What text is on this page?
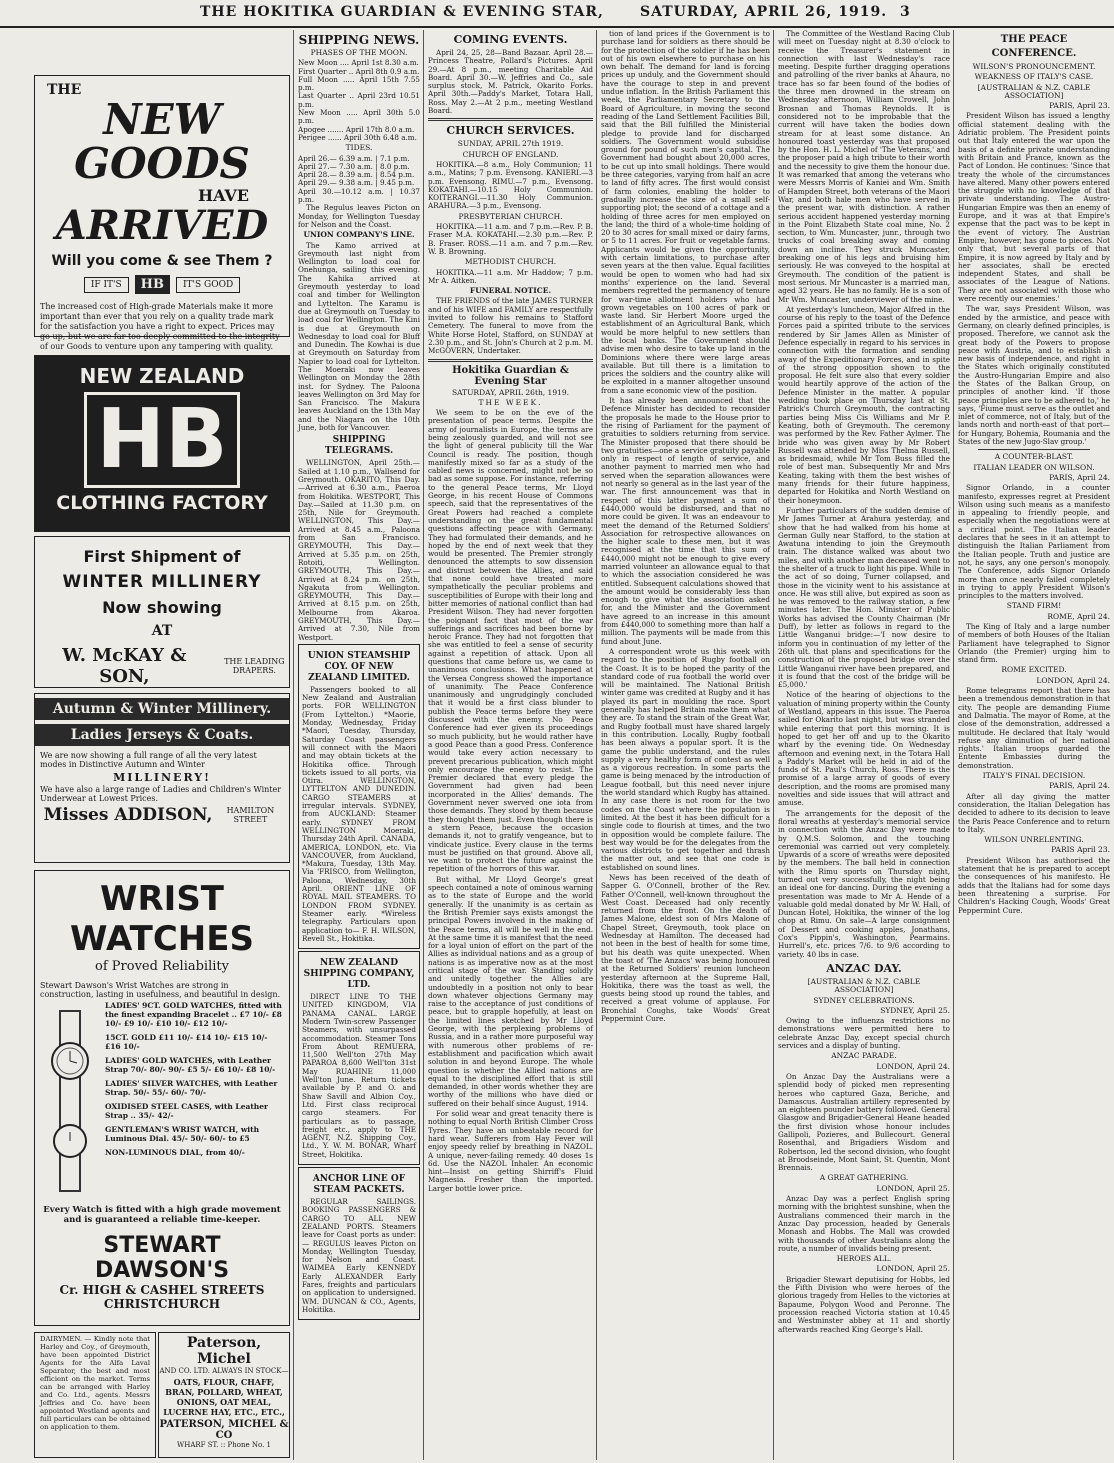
THE HOKITIKA GUARDIAN & EVENING STAR,	SATURDAY, APRIL 26, 1919. 3
THE
NEW GOODS
HAVE
ARRIVED
Will you come & see Them ?
IF IT'S	HB	IT'S GOOD
The increased cost of High-grade Materials make it more important than ever that you rely on a quality trade mark for the satisfaction you have a right to expect. Prices may go up, but we are far too deeply committed to the integrity of our Goods to venture upon any tampering with quality.
NEW ZEALAND
HB
CLOTHING FACTORY
First Shipment of
WINTER MILLINERY
Now showing
AT
W. McKAY & SON,
THE LEADING DRAPERS.
Autumn & Winter Millinery.
Ladies Jerseys & Coats.
We are now showing a full range of all the very latest modes in Distinctive Autumn and Winter
MILLINERY!
We have also a large range of Ladies and Children's Winter Underwear at Lowest Prices.
Misses ADDISON,	HAMILTON STREET
WRIST WATCHES
of Proved Reliability
Stewart Dawson's Wrist Watches are strong in construction, lasting in usefulness, and beautiful in design.
LADIES' 9CT. GOLD WATCHES, fitted with the finest expanding Bracelet .. £7 10/- £8 10/- £9 10/- £10 10/- £12 10/-
15CT. GOLD £11 10/- £14 10/- £15 10/- £16 10/-
LADIES' GOLD WATCHES, with Leather Strap 70/- 80/- 90/- £5 5/- £6 10/- £8 10/-
LADIES' SILVER WATCHES, with Leather Strap. 50/- 55/- 60/- 70/-
OXIDISED STEEL CASES, with Leather Strap .. 35/- 42/-
GENTLEMAN'S WRIST WATCH, with Luminous Dial. 45/- 50/- 60/- to £5
NON-LUMINOUS DIAL, from 40/-
Every Watch is fitted with a high grade movement and is guaranteed a reliable time-keeper.
STEWART DAWSON'S
Cr. HIGH & CASHEL STREETS
CHRISTCHURCH
DAIRYMEN. — Kindly note that Harley and Coy., of Greymouth, have been appointed District Agents for the Alfa Laval Separator, the best and most efficient on the market. Terms can be arranged with Harley and Co. Ltd., agents. Messrs Jeffries and Co. have been appointed Westland agents and full particulars can be obtained on application to them.
Paterson, Michel
AND CO. LTD. ALWAYS IN STOCK—
OATS, FLOUR, CHAFF, BRAN, POLLARD, WHEAT, ONIONS, OAT MEAL, LUCERNE HAY, ETC., ETC.,
PATERSON, MICHEL & CO
WHARF ST. :: Phone No. 1
SHIPPING NEWS.
PHASES OF THE MOON.
New Moon .... April 1st 8.30 a.m.
First Quarter .. April 8th 0.9 a.m.
Full Moon ..... April 15th 7.55 p.m.
Last Quarter .. April 23rd 10.51 p.m.
New Moon ..... April 30th 5.0 p.m.
Apogee ....... April 17th 8.0 a.m.
Perigee ...... April 30th 6.48 a.m.
TIDES.
April 26.— 6.39 a.m. | 7.1 p.m.
April 27.— 7.30 a.m. | 8.0 p.m.
April 28.— 8.39 a.m. | 8.54 p.m.
April 29.— 9.38 a.m. | 9.45 p.m.
April 30.—10.12 a.m. | 10.37 p.m.

The Regulus leaves Picton on Monday, for Wellington Tuesday for Nelson and the Coast.

UNION COMPANY'S LINE.

The Kamo arrived at Greymouth last night from Wellington to load coal for Onehunga, sailing this evening. The Kahika arrived at Greymouth yesterday to load coal and timber for Wellington and Lyttelton. The Karamu is due at Greymouth on Tuesday to load coal for Wellington. The Kini is due at Greymouth on Wednesday to load coal for Bluff and Dunedin. The Kowhai is due at Greymouth on Saturday from Napier to load coal for Lyttelton. The Moeraki now leaves Wellington on Monday the 28th inst. for Sydney. The Paloona leaves Wellington on 3rd May for San Francisco. The Makura leaves Auckland on the 13th May and the Niagara on the 10th June, both for Vancouver.

SHIPPING TELEGRAMS.

WELLINGTON, April 25th.—Sailed at 1.10 p.m., Wallsend for Greymouth. OKARITO, This Day.—Arrived at 6.30 a.m., Paeroa from Hokitika. WESTPORT, This Day.—Sailed at 11.30 p.m. on 25th, Nile for Greymouth. WELLINGTON, This Day.—Arrived at 8.45 a.m., Paloona from San Francisco. GREYMOUTH, This Day.—Arrived at 5.35 p.m. on 25th, Rotoiti, Wellington. GREYMOUTH, This Day.—Arrived at 8.24 p.m. on 25th, Ngakuta from Wellington. GREYMOUTH, This Day.—Arrived at 8.15 p.m. on 25th, Melbourne from Akaroa. GREYMOUTH, This Day.—Arrived at 7.30, Nile from Westport.

UNION STEAMSHIP COY. OF NEW ZEALAND LIMITED.

Passengers booked to all New Zealand and Australian ports. FOR WELLINGTON (From Lyttelton.) *Maorie, Monday, Wednesday, Friday *Maori, Tuesday, Thursday, Saturday Coast passengers will connect with the Maori and may obtain tickets at the Hokitika office. Through tickets issued to all ports, via Otira. WELLINGTON, LYTTELTON AND DUNEDIN. CARGO STEAMERS at irregular intervals. SYDNEY, from AUCKLAND: Steamer early. SYDNEY FROM WELLINGTON Moeraki, Thursday 24th April. CANADA, AMERICA, LONDON, etc. Via VANCOUVER, from Auckland, *Makura, Tuesday, 13th May. Via 'FRISCO, from Wellington, Paloona, Wednesday, 30th April. ORIENT LINE OF ROYAL MAIL STEAMERS. TO LONDON FROM SYDNEY. Steamer early. *Wireless telegraphy. Particulars upon application to— F. H. WILSON, Revell St., Hokitika.

NEW ZEALAND SHIPPING COMPANY, LTD.

DIRECT LINE TO THE UNITED KINGDOM, VIA PANAMA CANAL. LARGE Modern Twin-screw Passenger Steamers, with unsurpassed accommodation. Steamer Tons From About REMUERA, 11,500 Well'ton 27th May PAPAROA 8,600 Well'ton 31st May RUAHINE 11,000 Well'ton June. Return tickets available by P. and O. and Shaw Savill and Albion Coy., Ltd. First class reciprocal cargo steamers. For particulars as to passage, freight etc., apply to THE AGENT, N.Z. Shipping Coy., Ltd., Y. W. M. BONAR, Wharf Street, Hokitika.

ANCHOR LINE OF STEAM PACKETS.

REGULAR SAILINGS. BOOKING PASSENGERS & CARGO TO ALL NEW ZEALAND PORTS. Steamers leave for Coast ports as under:— REGULUS leaves Picton on Monday, Wellington Tuesday, for Nelson and Coast. WAIMEA Early KENNEDY Early ALEXANDER Early Fares, freights and particulars on application to undersigned. WM. DUNCAN & CO., Agents, Hokitika.

COMING EVENTS.

April 24, 25, 28—Band Bazaar. April 28.—Princess Theatre, Pollard's Pictures. April 29.—At 8 p.m., meeting Charitable Aid Board. April 30.—W. Jeffries and Co., sale surplus stock, M. Patrick, Okarito Forks. April 30th.—Paddy's Market, Totara Hall, Ross. May 2.—At 2 p.m., meeting Westland Board.

CHURCH SERVICES.
SUNDAY, APRIL 27th 1919.
CHURCH OF ENGLAND.

HOKITIKA.—8 a.m., Holy Communion; 11 a.m., Matins; 7 p.m. Evensong. KANIERI.—3 p.m. Evensong. RIMU.—7 p.m., Evensong. KOKATAHI.—10.15 Holy Communion. KOITERANGI.—11.30 Holy Communion. ARAHURA.—3 p.m., Evensong.

PRESBYTERIAN CHURCH.

HOKITIKA.—11 a.m. and 7 p.m.—Rev. P. B. Fraser M.A. KOKATAHI.—2.30 p.m.—Rev. P. B. Fraser. ROSS.—11 a.m. and 7 p.m.—Rev. W. B. Browning.

METHODIST CHURCH.

HOKITIKA.—11 a.m. Mr Haddow; 7 p.m. Mr A. Aitken.

FUNERAL NOTICE.

THE FRIENDS of the late JAMES TURNER and of his WIFE and FAMILY are respectfully invited to follow his remains to Stafford Cemetery. The funeral to move from the White Horse Hotel, Stafford, on SUNDAY at 2.30 p.m., and St. John's Church at 2 p.m. M. McGOVERN, Undertaker.

Hokitika Guardian & Evening Star
SATURDAY, APRIL 26th, 1919.
THE WEEK.

We seem to be on the eve of the presentation of peace terms. Despite the army of journalists in Europe, the terms are being zealously guarded, and will not see the light of general publicity till the War Council is ready. The position, though manifestly mixed so far as a study of the cabled news is concerned, might not be so bad as some suppose. For instance, referring to the general Peace terms, Mr Lloyd George, in his recent House of Commons speech, said that the representatives of the Great Powers had reached a complete understanding on the great fundamental questions affecting peace with Germany. They had formulated their demands, and he hoped by the end of next week that they would be presented. The Premier strongly denounced the attempts to sow dissension and distrust between the Allies, and said that none could have treated more sympathetically the peculiar problems and susceptibilities of Europe with their long and bitter memories of national conflict than had President Wilson. They had never forgotten the poignant fact that most of the war sufferings and sacrifices had been borne by heroic France. They had not forgotten that she was entitled to feel a sense of security against a repetition of attack. Upon all questions that came before us, we came to unanimous conclusions. What happened at the Versea Congress showed the importance of unanimity. The Peace Conference unanimously and ungrudgingly concluded that it would be a first class blunder to publish the Peace terms before they were discussed with the enemy. No Peace Conference had ever given its proceedings so much publicity, but he would rather have a good Peace than a good Press. Conference would take every action necessary to prevent precarious publication, which might only encourage the enemy to resist. The Premier declared that every pledge the Government had given had been incorporated in the Allies' demands. The Government never swerved one iota from those demands. They stood by them because they thought them just. Even though there is a stern Peace, because the occasion demands it, not to gratify vengeance, but to vindicate justice. Every clause in the terms must be justified on that ground. Above all, we want to protect the future against the repetition of the horrors of this war.

But withal, Mr Lloyd George's great speech contained a note of ominous warning as to the state of Europe and the world generally. If the unanimity is as certain as the British Premier says exists amongst the principal Powers involved in the making of the Peace terms, all will be well in the end. At the same time it is manifest that the need for a loyal union of effort on the part of the Allies as individual nations and as a group of nations is as imperative now as at the most critical stage of the war. Standing solidly and unitedly together the Allies are undoubtedly in a position not only to bear down whatever objections Germany may raise to the acceptance of just conditions of peace, but to grapple hopefully, at least on the limited lines sketched by Mr Lloyd George, with the perplexing problems of Russia, and in a rather more purposeful way with numerous other problems of re-establishment and pacification which await solution in and beyond Europe. The whole question is whether the Allied nations are equal to the disciplined effort that is still demanded, in other words whether they are worthy of the millions who have died or suffered on their behalf since August, 1914.

For solid wear and great tenacity there is nothing to equal North British Climber Cross Tyres. They have an unbeatable record for hard wear. Sufferers from Hay Fever will enjoy speedy relief by breathing in NAZOL. A unique, never-failing remedy. 40 doses 1s 6d. Use the NAZOL Inhaler. An economic hint—Insist on getting Shirriff's Fluid Magnesia. Fresher than the imported. Larger bottle lower price.

tion of land prices if the Government is to purchase land for soldiers as there should be for the protection of the soldier if he has been out of his own elsewhere to purchase on his own behalf. The demand for land is forcing prices up unduly, and the Government should have the courage to step in and prevent undue inflation. In the British Parliament this week, the Parliamentary Secretary to the Board of Agriculture, in moving the second reading of the Land Settlement Facilities Bill, said that the Bill fulfilled the Ministerial pledge to provide land for discharged soldiers. The Government would subsidise ground for pound of such men's capital. The Government had bought about 20,000 acres, to be cut up into small holdings. There would be three categories, varying from half an acre to land of fifty acres. The first would consist of farm colonies, enabling the holder to gradually increase the size of a small self-supporting plot; the second of a cottage and a holding of three acres for men employed on the land; the third of a whole-time holding of 20 to 30 acres for small mixed or dairy farms, or 5 to 11 acres. For fruit or vegetable farms. Applicants would be given the opportunity, with certain limitations, to purchase after seven years at the then value. Equal facilities would be open to women who had had six months' experience on the land. Several members regretted the permanency of tenure for war-time allotment holders who had grown vegetables on 100 acres of park or waste land. Sir Herbert Moore urged the establishment of an Agricultural Bank, which would be more helpful to new settlers than the local banks. The Government should advise men who desire to take up land in the Dominions where there were large areas available. But till there is a limitation to prices the soldiers and the country alike will be exploited in a manner altogether unsound from a sane economic view of the position.

It has already been announced that the Defence Minister has decided to reconsider the proposals he made to the House prior to the rising of Parliament for the payment of gratuities to soldiers returning from service. The Minister proposed that there should be two gratuities—one a service gratuity payable only in respect of length of service, and another payment to married men who had served when the separation allowances were not nearly so general as in the last year of the war. The first announcement was that in respect of this latter payment a sum of £440,000 would be disbursed, and that no more could be given. It was an endeavour to meet the demand of the Returned Soldiers' Association for retrospective allowances on the higher scale to these men, but it was recognised at the time that this sum of £440,000 might not be enough to give every married volunteer an allowance equal to that to which the association considered he was entitled. Subsequent calculations showed that the amount would be considerably less than enough to give what the association asked for, and the Minister and the Government have agreed to an increase in this amount from £440,000 to something more than half a million. The payments will be made from this fund about June.

A correspondent wrote us this week with regard to the position of Rugby football on the Coast. It is to be hoped the parity of the standard code of rua football the world over will be maintained. The National British winter game was credited at Rugby and it has played its part in moulding the race. Sport generally has helped Britain make them what they are. To stand the strain of the Great War, and Rugby football must have shared largely in this contribution. Locally, Rugby football has been always a popular sport. It is the game the public understand, and the rules supply a very healthy form of contest as well as a vigorous recreation. In some parts the game is being menaced by the introduction of League football, but this need never injure the world standard which Rugby has attained. In any case there is not room for the two codes on the Coast where the population is limited. At the best it has been difficult for a single code to flourish at times, and the two in opposition would be complete failure. The best way would be for the delegates from the various districts to get together and thrash the matter out, and see that one code is established on sound lines.

News has been received of the death of Sapper G. O'Connell, brother of the Rev. Father O'Connell, well-known throughout the West Coast. Deceased had only recently returned from the front. On the death of James Malone, eldest son of Mrs Malone of Chapel Street, Greymouth, took place on Wednesday at Hamilton. The deceased had not been in the best of health for some time, but his death was quite unexpected. When the toast of 'The Anzacs' was being honoured at the Returned Soldiers' reunion luncheon yesterday afternoon at the Supreme Hall, Hokitika, there was the toast as well, the guests being stood up round the tables, and received a great volume of applause. For Bronchial Coughs, take Woods' Great Peppermint Cure.

The Committee of the Westland Racing Club will meet on Tuesday night at 8.30 o'clock to receive the Treasurer's statement in connection with last Wednesday's race meeting. Despite further dragging operations and patrolling of the river banks at Ahaura, no trace has so far been found of the bodies of the three men drowned in the stream on Wednesday afternoon, William Crowell, John Brosnan and Thomas Reynolds. It is considered not to be improbable that the current will have taken the bodies down stream for at least some distance. An honoured toast yesterday was that proposed by the Hon. H. L. Michel of 'The Veterans,' and the proposer paid a high tribute to their worth and the necessity to give them the honour due. It was remarked that among the veterans who were Messrs Morris of Kaniei and Wm. Smith of Hampden Street, both veterans of the Maori War, and both hale men who have served in the present war, with distinction. A rather serious accident happened yesterday morning in the Point Elizabeth State coal mine, No. 2 section, to Wm. Muncaster, junr., through two trucks of coal breaking away and coming down an incline. They struck Muncaster, breaking one of his legs and bruising him seriously. He was conveyed to the hospital at Greymouth. The condition of the patient is most serious. Mr Muncaster is a married man, aged 32 years. He has no family. He is a son of Mr Wm. Muncaster, underviewer of the mine.

At yesterday's luncheon, Major Alfred in the course of his reply to the toast of the Defence Forces paid a spirited tribute to the services rendered by Sir James Allen as Minister of Defence especially in regard to his services in connection with the formation and sending away of the Expeditionary Forces, and in spite of the strong opposition shown to the proposal. He felt sure also that every soldier would heartily approve of the action of the Defence Minister in the matter. A popular wedding took place on Thursday last at St. Patrick's Church Greymouth, the contracting parties being Miss Cis Williams and Mr P. Keating, both of Greymouth. The ceremony was performed by the Rev. Father Aylmer. The bride who was given away by Mr Robert Russell was attended by Miss Thelma Russell, as bridesmaid, while Mr Tom Buss filled the role of best man. Subsequently Mr and Mrs Keating, taking with them the best wishes of many friends for their future happiness, departed for Hokitika and North Westland on their honeymoon.

Further particulars of the sudden demise of Mr James Turner at Arahura yesterday, and show that he had walked from his home at German Gully near Stafford, to the station at Awatuna intending to join the Greymouth train. The distance walked was about two miles, and with another man deceased went to the shelter of a truck to light his pipe. While in the act of so doing, Turner collapsed, and those in the vicinity went to his assistance at once. He was still alive, but expired as soon as he was removed to the railway station, a few minutes later. The Hon. Minister of Public Works has advised the County Chairman (Mr Duff), by letter as follows in regard to the Little Wanganui bridge:—'I now desire to inform you in continuation of my letter of the 26th ult. that plans and specifications for the construction of the proposed bridge over the Little Wanganui river have been prepared, and it is found that the cost of the bridge will be £5,000.'

Notice of the hearing of objections to the valuation of mining property within the County of Westland, appears in this issue. The Paeroa sailed for Okarito last night, but was stranded while entering that port this morning. It is hoped to get her off and up to the Okarito wharf by the evening tide. On Wednesday afternoon and evening next, in the Totara Hall a Paddy's Market will be held in aid of the funds of St. Paul's Church, Ross. There is the promise of a large array of goods of every description, and the rooms are promised many novelties and side issues that will attract and amuse.

The arrangements for the deposit of the floral wreaths at yesterday's memorial service in connection with the Anzac Day were made by Q.M.S. Solomon, and the touching ceremonial was carried out very completely. Upwards of a score of wreaths were deposited by the members. The ball held in connection with the Rimu sports on Thursday night, turned out very successfully, the night being an ideal one for dancing. During the evening a presentation was made to Mr A. Hende of a valuable gold medal donated by Mr W. Hall, of Duncan Hotel, Hokitika, the winner of the log chop at Rimu. On sale—A large consignment of Dessert and cooking apples, Jonathans, Cox's Pippin's, Washington, Pearmains. Hurrell's, etc. prices 7/6. to 9/6 according to variety. 40 lbs in case.

ANZAC DAY.
[AUSTRALIAN & N.Z. CABLE ASSOCIATION]
SYDNEY CELEBRATIONS.
SYDNEY, April 25.

Owing to the influenza restrictions no demonstrations were permitted here to celebrate Anzac Day, except special church services and a display of bunting.

ANZAC PARADE.
LONDON, April 24.

On Anzac Day the Australians were a splendid body of picked men representing heroes who captured Gaza, Beriche, and Damascus. Australian artillery represented by an eighteen pounder battery followed. General Glasgow and Brigadier-General Heane headed the first division whose honour includes Gallipoli, Pozieres, and Bullecourt. General Rosenthal, and Brigadiers Wisdom and Robertson, led the second division, who fought at Broodseinde, Mont Saint, St. Quentin, Mont Brennais.

A GREAT GATHERING.
LONDON, April 25.

Anzac Day was a perfect English spring morning with the brightest sunshine, when the Australians commenced their march in the Anzac Day procession, headed by Generals Monash and Hobbs. The Mall was crowded with thousands of other Australians along the route, a number of invalids being present.

HEROES ALL.
LONDON, April 25.

Brigadier Stewart deputising for Hobbs, led the Fifth Division who were heroes of the glorious tragedy from Helles to the victories at Bapaume, Polygon Wood and Peronne. The procession reached Victoria station at 10.45 and Westminster abbey at 11 and shortly afterwards reached King George's Hall.

THE PEACE CONFERENCE.
WILSON'S PRONOUNCEMENT.
WEAKNESS OF ITALY'S CASE.
[AUSTRALIAN & N.Z. CABLE ASSOCIATION]
PARIS, April 23.

President Wilson has issued a lengthy official statement dealing with the Adriatic problem. The President points out that Italy entered the war upon the basis of a definite private understanding with Britain and France, known as the Pact of London. He continues: 'Since that treaty the whole of the circumstances have altered. Many other powers entered the struggle with no knowledge of that private understanding. The Austro-Hungarian Empire was then an enemy of Europe, and it was at that Empire's expense that the pact was to be kept in the event of victory. The Austrian Empire, however, has gone to pieces. Not only that, but several parts of that Empire, it is now agreed by Italy and by her associates, shall be erected independent States, and shall be associates of the League of Nations. They are not associated with those who were recently our enemies.'

The war, says President Wilson, was ended by the armistice, and peace with Germany, on clearly defined principles, is proposed. Therefore, we cannot ask the great body of the Powers to propose peace with Austria, and to establish a new basis of independence, and right in the States which originally constituted the Austro-Hungarian Empire and also the States of the Balkan Group, on principles of another kind. 'If those peace principles are to be adhered to,' he says, 'Fiume must serve as the outlet and inlet of commerce, not of Italy, but of the lands north and north-east of that port—for Hungary, Bohemia, Roumania and the States of the new Jugo-Slav group.'

A COUNTER-BLAST.
ITALIAN LEADER ON WILSON.
PARIS, April 24.

Signor Orlando, in a counter manifesto, expresses regret at President Wilson using such means as a manifesto in appealing to friendly people, and especially when the negotiations were at a critical point. The Italian leader declares that he sees in it an attempt to distinguish the Italian Parliament from the Italian people. Truth and justice are not, he says, any one person's monopoly. The Conference, adds Signor Orlando more than once nearly failed completely in trying to apply President Wilson's principles to the matters involved.

STAND FIRM!
ROME, April 24.

The King of Italy and a large number of members of both Houses of the Italian Parliament have telegraphed to Signor Orlando (the Premier) urging him to stand firm.

ROME EXCITED.
LONDON, April 24.

Rome telegrams report that there has been a tremendous demonstration in that city. The people are demanding Fiume and Dalmatia. The mayor of Rome, at the close of the demonstration, addressed a multitude. He declared that Italy 'would refuse any diminution of her national rights.' Italian troops guarded the Entente Embassies during the demonstration.

ITALY'S FINAL DECISION.
PARIS, April 24.

After all day giving the matter consideration, the Italian Delegation has decided to adhere to its decision to leave the Paris Peace Conference and to return to Italy.

WILSON UNRELENTING.
PARIS April 23.

President Wilson has authorised the statement that he is prepared to accept the consequences of his manifesto. He adds that the Italians had for some days been threatening a surprise. For Children's Hacking Cough, Woods' Great Peppermint Cure.
